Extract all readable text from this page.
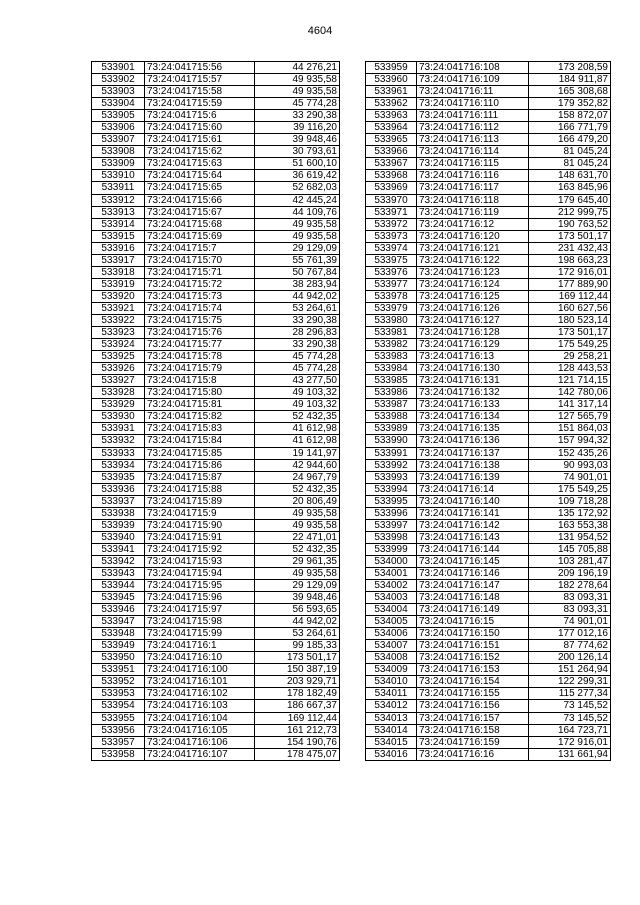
4604
533901	73:24:041715:56	44 276,21
533902	73:24:041715:57	49 935,58
533903	73:24:041715:58	49 935,58
533904	73:24:041715:59	45 774,28
533905	73:24:041715:6	33 290,38
533906	73:24:041715:60	39 116,20
533907	73:24:041715:61	39 948,46
533908	73:24:041715:62	30 793,61
533909	73:24:041715:63	51 600,10
533910	73:24:041715:64	36 619,42
533911	73:24:041715:65	52 682,03
533912	73:24:041715:66	42 445,24
533913	73:24:041715:67	44 109,76
533914	73:24:041715:68	49 935,58
533915	73:24:041715:69	49 935,58
533916	73:24:041715:7	29 129,09
533917	73:24:041715:70	55 761,39
533918	73:24:041715:71	50 767,84
533919	73:24:041715:72	38 283,94
533920	73:24:041715:73	44 942,02
533921	73:24:041715:74	53 264,61
533922	73:24:041715:75	33 290,38
533923	73:24:041715:76	28 296,83
533924	73:24:041715:77	33 290,38
533925	73:24:041715:78	45 774,28
533926	73:24:041715:79	45 774,28
533927	73:24:041715:8	43 277,50
533928	73:24:041715:80	49 103,32
533929	73:24:041715:81	49 103,32
533930	73:24:041715:82	52 432,35
533931	73:24:041715:83	41 612,98
533932	73:24:041715:84	41 612,98
533933	73:24:041715:85	19 141,97
533934	73:24:041715:86	42 944,60
533935	73:24:041715:87	24 967,79
533936	73:24:041715:88	52 432,35
533937	73:24:041715:89	20 806,49
533938	73:24:041715:9	49 935,58
533939	73:24:041715:90	49 935,58
533940	73:24:041715:91	22 471,01
533941	73:24:041715:92	52 432,35
533942	73:24:041715:93	29 961,35
533943	73:24:041715:94	49 935,58
533944	73:24:041715:95	29 129,09
533945	73:24:041715:96	39 948,46
533946	73:24:041715:97	56 593,65
533947	73:24:041715:98	44 942,02
533948	73:24:041715:99	53 264,61
533949	73:24:041716:1	99 185,33
533950	73:24:041716:10	173 501,17
533951	73:24:041716:100	150 387,19
533952	73:24:041716:101	203 929,71
533953	73:24:041716:102	178 182,49
533954	73:24:041716:103	186 667,37
533955	73:24:041716:104	169 112,44
533956	73:24:041716:105	161 212,73
533957	73:24:041716:106	154 190,76
533958	73:24:041716:107	178 475,07
533959	73:24:041716:108	173 208,59
533960	73:24:041716:109	184 911,87
533961	73:24:041716:11	165 308,68
533962	73:24:041716:110	179 352,82
533963	73:24:041716:111	158 872,07
533964	73:24:041716:112	166 771,79
533965	73:24:041716:113	166 479,20
533966	73:24:041716:114	81 045,24
533967	73:24:041716:115	81 045,24
533968	73:24:041716:116	148 631,70
533969	73:24:041716:117	163 845,96
533970	73:24:041716:118	179 645,40
533971	73:24:041716:119	212 999,75
533972	73:24:041716:12	190 763,52
533973	73:24:041716:120	173 501,17
533974	73:24:041716:121	231 432,43
533975	73:24:041716:122	198 663,23
533976	73:24:041716:123	172 916,01
533977	73:24:041716:124	177 889,90
533978	73:24:041716:125	169 112,44
533979	73:24:041716:126	160 627,56
533980	73:24:041716:127	180 523,14
533981	73:24:041716:128	173 501,17
533982	73:24:041716:129	175 549,25
533983	73:24:041716:13	29 258,21
533984	73:24:041716:130	128 443,53
533985	73:24:041716:131	121 714,15
533986	73:24:041716:132	142 780,06
533987	73:24:041716:133	141 317,14
533988	73:24:041716:134	127 565,79
533989	73:24:041716:135	151 864,03
533990	73:24:041716:136	157 994,32
533991	73:24:041716:137	152 435,26
533992	73:24:041716:138	90 993,03
533993	73:24:041716:139	74 901,01
533994	73:24:041716:14	175 549,25
533995	73:24:041716:140	109 718,28
533996	73:24:041716:141	135 172,92
533997	73:24:041716:142	163 553,38
533998	73:24:041716:143	131 954,52
533999	73:24:041716:144	145 705,88
534000	73:24:041716:145	103 281,47
534001	73:24:041716:146	209 196,19
534002	73:24:041716:147	182 278,64
534003	73:24:041716:148	83 093,31
534004	73:24:041716:149	83 093,31
534005	73:24:041716:15	74 901,01
534006	73:24:041716:150	177 012,16
534007	73:24:041716:151	87 774,62
534008	73:24:041716:152	200 126,14
534009	73:24:041716:153	151 264,94
534010	73:24:041716:154	122 299,31
534011	73:24:041716:155	115 277,34
534012	73:24:041716:156	73 145,52
534013	73:24:041716:157	73 145,52
534014	73:24:041716:158	164 723,71
534015	73:24:041716:159	172 916,01
534016	73:24:041716:16	131 661,94
